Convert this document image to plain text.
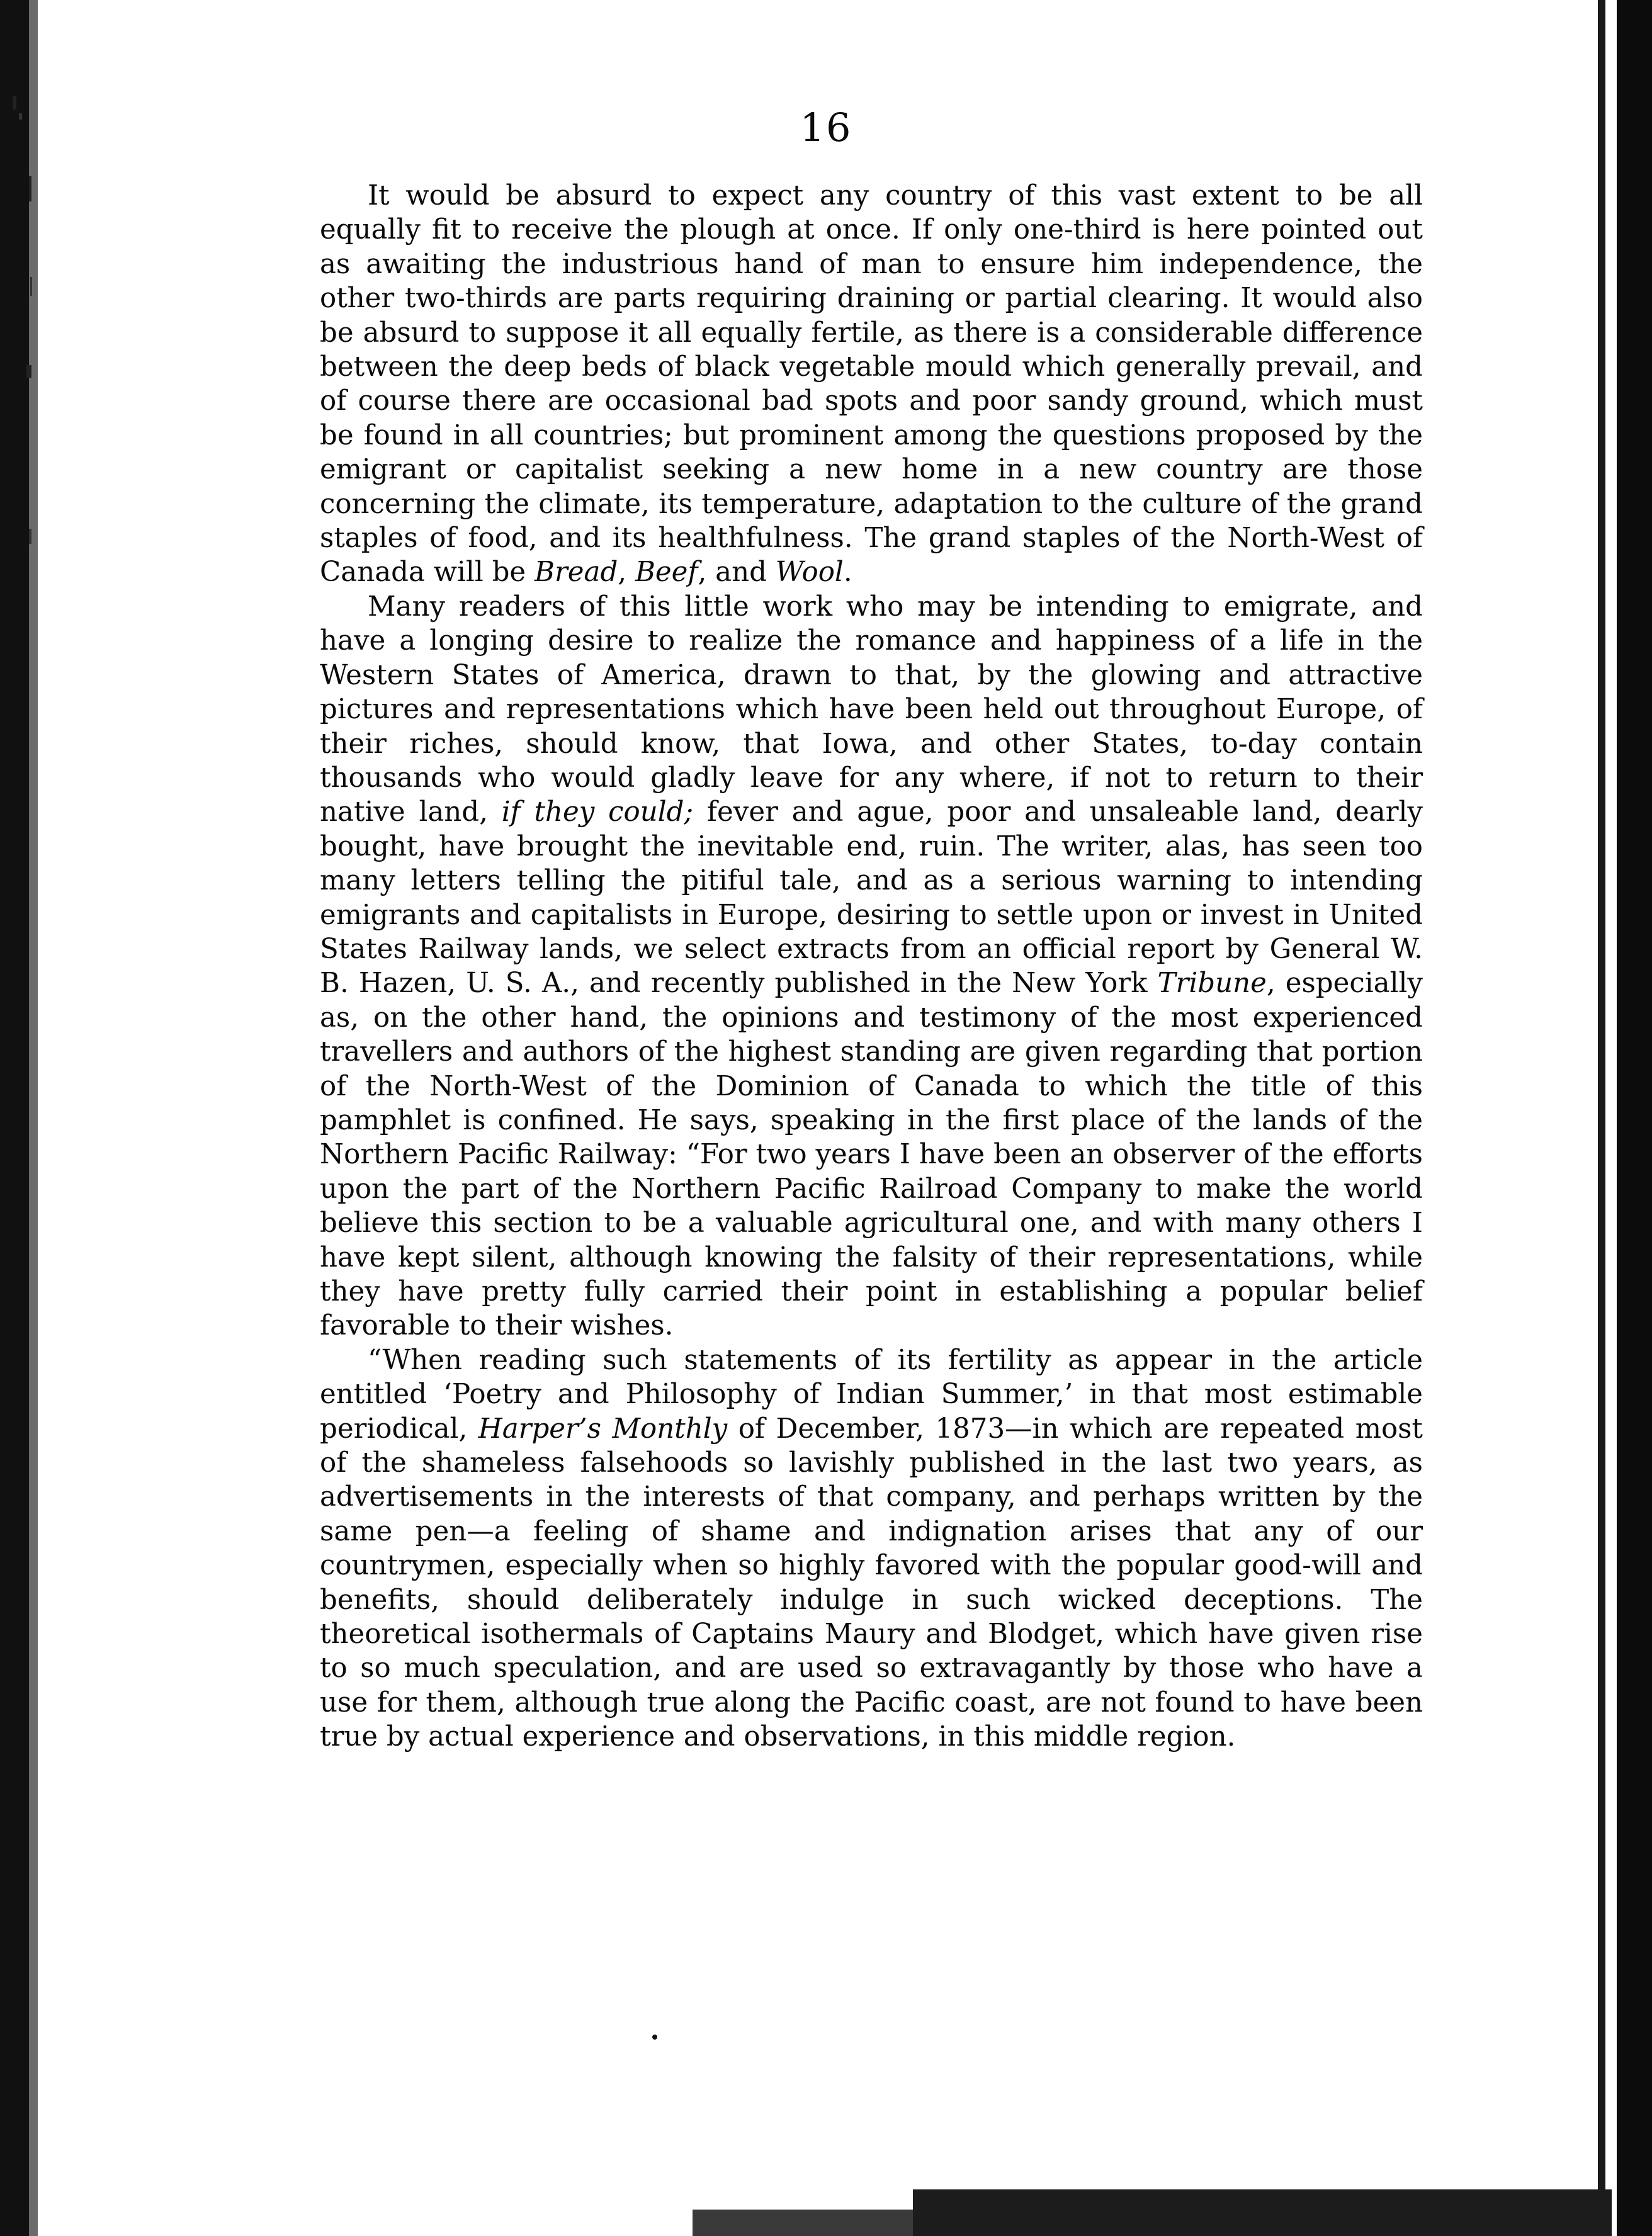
16

It would be absurd to expect any country of this vast extent to be all equally fit to receive the plough at once. If only one-third is here pointed out as awaiting the industrious hand of man to ensure him independence, the other two-thirds are parts requiring draining or partial clearing. It would also be absurd to suppose it all equally fertile, as there is a considerable difference between the deep beds of black vegetable mould which generally prevail, and of course there are occasional bad spots and poor sandy ground, which must be found in all countries; but prominent among the questions proposed by the emigrant or capitalist seeking a new home in a new country are those concerning the climate, its temperature, adaptation to the culture of the grand staples of food, and its healthfulness. The grand staples of the North-West of Canada will be Bread, Beef, and Wool.

Many readers of this little work who may be intending to emigrate, and have a longing desire to realize the romance and happiness of a life in the Western States of America, drawn to that, by the glowing and attractive pictures and representations which have been held out throughout Europe, of their riches, should know, that Iowa, and other States, to-day contain thousands who would gladly leave for any where, if not to return to their native land, if they could; fever and ague, poor and unsaleable land, dearly bought, have brought the inevitable end, ruin. The writer, alas, has seen too many letters telling the pitiful tale, and as a serious warning to intending emigrants and capitalists in Europe, desiring to settle upon or invest in United States Railway lands, we select extracts from an official report by General W. B. Hazen, U. S. A., and recently published in the New York Tribune, especially as, on the other hand, the opinions and testimony of the most experienced travellers and authors of the highest standing are given regarding that portion of the North-West of the Dominion of Canada to which the title of this pamphlet is confined. He says, speaking in the first place of the lands of the Northern Pacific Railway: “For two years I have been an observer of the efforts upon the part of the Northern Pacific Railroad Company to make the world believe this section to be a valuable agricultural one, and with many others I have kept silent, although knowing the falsity of their representations, while they have pretty fully carried their point in establishing a popular belief favorable to their wishes.

“When reading such statements of its fertility as appear in the article entitled ‘Poetry and Philosophy of Indian Summer,’ in that most estimable periodical, Harper’s Monthly of December, 1873—in which are repeated most of the shameless falsehoods so lavishly published in the last two years, as advertisements in the interests of that company, and perhaps written by the same pen—a feeling of shame and indignation arises that any of our countrymen, especially when so highly favored with the popular good-will and benefits, should deliberately indulge in such wicked deceptions. The theoretical isothermals of Captains Maury and Blodget, which have given rise to so much speculation, and are used so extravagantly by those who have a use for them, although true along the Pacific coast, are not found to have been true by actual experience and observations, in this middle region.
